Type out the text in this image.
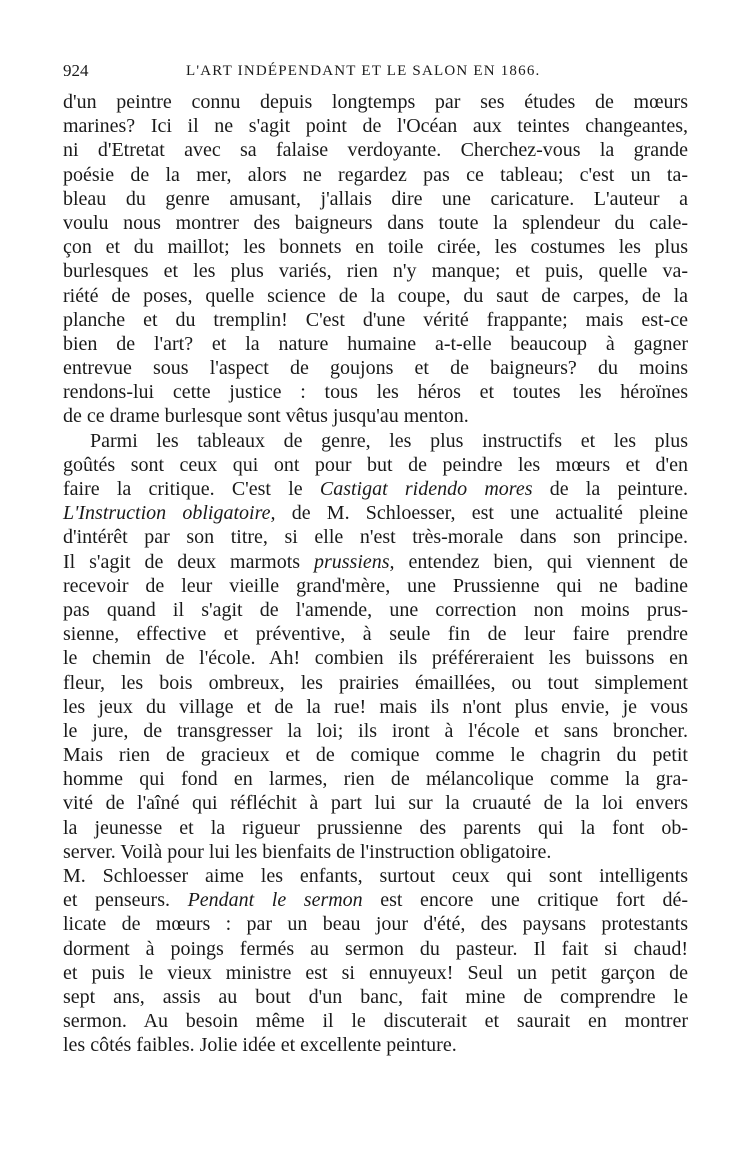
924	L'ART INDÉPENDANT ET LE SALON EN 1866.
d'un peintre connu depuis longtemps par ses études de mœurs
marines? Ici il ne s'agit point de l'Océan aux teintes changeantes,
ni d'Etretat avec sa falaise verdoyante. Cherchez-vous la grande
poésie de la mer, alors ne regardez pas ce tableau; c'est un ta-
bleau du genre amusant, j'allais dire une caricature. L'auteur a
voulu nous montrer des baigneurs dans toute la splendeur du cale-
çon et du maillot; les bonnets en toile cirée, les costumes les plus
burlesques et les plus variés, rien n'y manque; et puis, quelle va-
riété de poses, quelle science de la coupe, du saut de carpes, de la
planche et du tremplin! C'est d'une vérité frappante; mais est-ce
bien de l'art? et la nature humaine a-t-elle beaucoup à gagner
entrevue sous l'aspect de goujons et de baigneurs? du moins
rendons-lui cette justice : tous les héros et toutes les héroïnes
de ce drame burlesque sont vêtus jusqu'au menton.
Parmi les tableaux de genre, les plus instructifs et les plus
goûtés sont ceux qui ont pour but de peindre les mœurs et d'en
faire la critique. C'est le Castigat ridendo mores de la peinture.
L'Instruction obligatoire, de M. Schloesser, est une actualité pleine
d'intérêt par son titre, si elle n'est très-morale dans son principe.
Il s'agit de deux marmots prussiens, entendez bien, qui viennent de
recevoir de leur vieille grand'mère, une Prussienne qui ne badine
pas quand il s'agit de l'amende, une correction non moins prus-
sienne, effective et préventive, à seule fin de leur faire prendre
le chemin de l'école. Ah! combien ils préféreraient les buissons en
fleur, les bois ombreux, les prairies émaillées, ou tout simplement
les jeux du village et de la rue! mais ils n'ont plus envie, je vous
le jure, de transgresser la loi; ils iront à l'école et sans broncher.
Mais rien de gracieux et de comique comme le chagrin du petit
homme qui fond en larmes, rien de mélancolique comme la gra-
vité de l'aîné qui réfléchit à part lui sur la cruauté de la loi envers
la jeunesse et la rigueur prussienne des parents qui la font ob-
server. Voilà pour lui les bienfaits de l'instruction obligatoire.
M. Schloesser aime les enfants, surtout ceux qui sont intelligents
et penseurs. Pendant le sermon est encore une critique fort dé-
licate de mœurs : par un beau jour d'été, des paysans protestants
dorment à poings fermés au sermon du pasteur. Il fait si chaud!
et puis le vieux ministre est si ennuyeux! Seul un petit garçon de
sept ans, assis au bout d'un banc, fait mine de comprendre le
sermon. Au besoin même il le discuterait et saurait en montrer
les côtés faibles. Jolie idée et excellente peinture.
